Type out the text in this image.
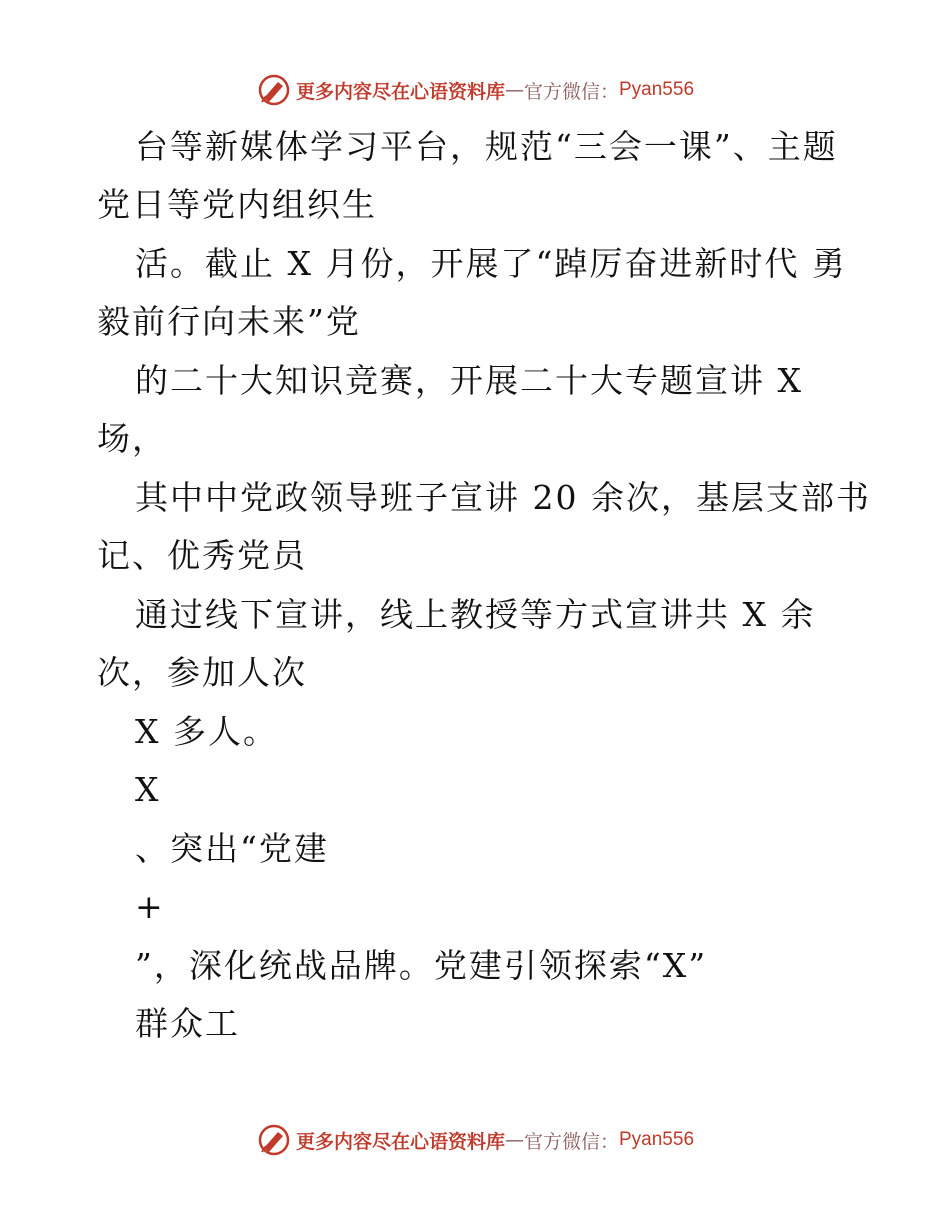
更多内容尽在心语资料库 — 官方微信： Pyan556
台等新媒体学习平台，规范“三会一课”、主题
党日等党内组织生
活。截止 X 月份，开展了“踔厉奋进新时代 勇
毅前行向未来”党
的二十大知识竞赛，开展二十大专题宣讲 X
场，
其中中党政领导班子宣讲 20 余次，基层支部书
记、优秀党员
通过线下宣讲，线上教授等方式宣讲共 X 余
次，参加人次
X 多人。
X
、突出“党建
+
”，深化统战品牌。党建引领探索“X”
群众工
更多内容尽在心语资料库 — 官方微信： Pyan556
